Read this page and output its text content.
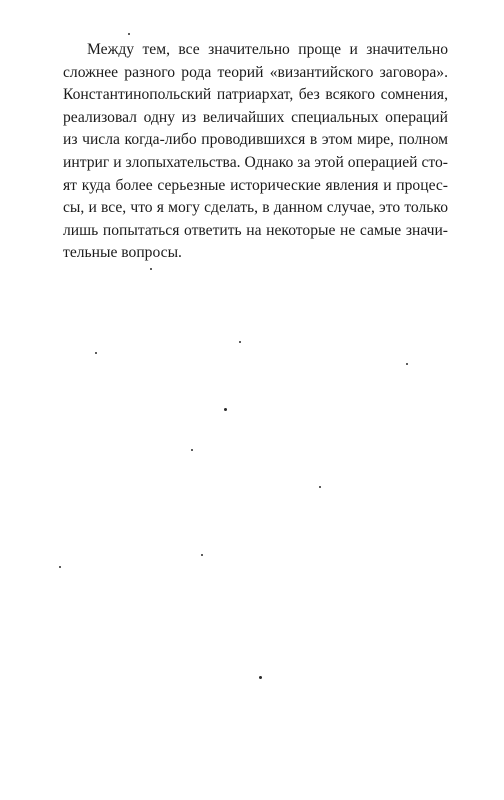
Между тем, все значительно проще и значительно
сложнее разного рода теорий «византийского заговора».
Константинопольский патриархат, без всякого сомнения,
реализовал одну из величайших специальных операций
из числа когда-либо проводившихся в этом мире, полном
интриг и злопыхательства. Однако за этой операцией сто-
ят куда более серьезные исторические явления и процес-
сы, и все, что я могу сделать, в данном случае, это только
лишь попытаться ответить на некоторые не самые значи-
тельные вопросы.
